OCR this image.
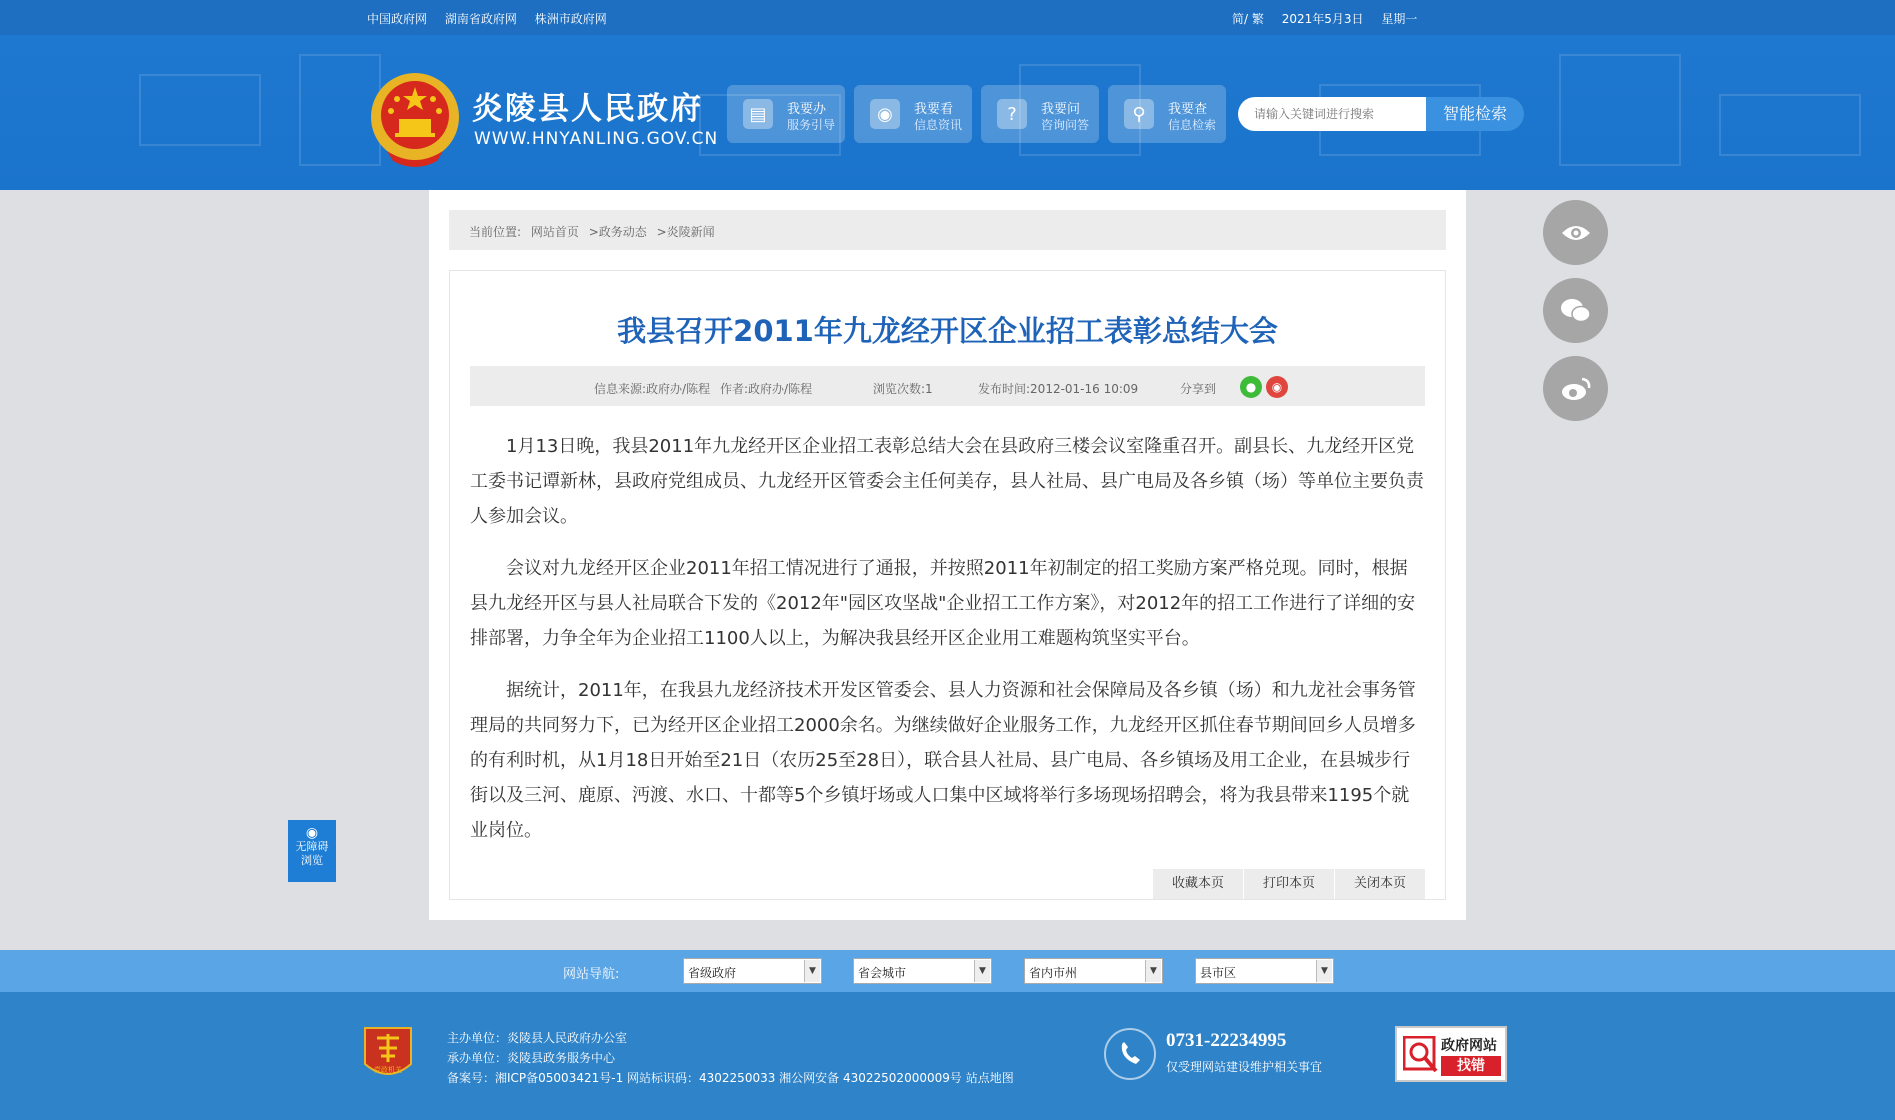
中国政府网 湖南省政府网 株洲市政府网	简/ 繁 2021年5月3日 星期一
炎陵县人民政府
WWW.HNYANLING.GOV.CN
▤	我要办
服务引导
◉	我要看
信息资讯
?	我要问
咨询问答
⚲	我要查
信息检索
请输入关键词进行搜索
智能检索
当前位置: 网站首页 >政务动态 >炎陵新闻
我县召开2011年九龙经开区企业招工表彰总结大会
信息来源:政府办/陈程 作者:政府办/陈程	浏览次数:1	发布时间:2012-01-16 10:09	分享到	●	◉

1月13日晚，我县2011年九龙经开区企业招工表彰总结大会在县政府三楼会议室隆重召开。副县长、九龙经开区党工委书记谭新林，县政府党组成员、九龙经开区管委会主任何美存，县人社局、县广电局及各乡镇（场）等单位主要负责人参加会议。

会议对九龙经开区企业2011年招工情况进行了通报，并按照2011年初制定的招工奖励方案严格兑现。同时，根据县九龙经开区与县人社局联合下发的《2012年"园区攻坚战"企业招工工作方案》，对2012年的招工工作进行了详细的安排部署，力争全年为企业招工1100人以上，为解决我县经开区企业用工难题构筑坚实平台。

据统计，2011年，在我县九龙经济技术开发区管委会、县人力资源和社会保障局及各乡镇（场）和九龙社会事务管理局的共同努力下，已为经开区企业招工2000余名。为继续做好企业服务工作，九龙经开区抓住春节期间回乡人员增多的有利时机，从1月18日开始至21日（农历25至28日），联合县人社局、县广电局、各乡镇场及用工企业，在县城步行街以及三河、鹿原、沔渡、水口、十都等5个乡镇圩场或人口集中区域将举行多场现场招聘会，将为我县带来1195个就业岗位。

收藏本页	打印本页	关闭本页
◉
无障碍
浏览
网站导航:	省级政府	▼	省会城市	▼	省内市州	▼	县市区	▼
党政机关
主办单位：炎陵县人民政府办公室
承办单位：炎陵县政务服务中心
备案号：湘ICP备05003421号-1 网站标识码：4302250033 湘公网安备 43022502000009号 站点地图
0731-22234995
仅受理网站建设维护相关事宜
政府网站
找错
